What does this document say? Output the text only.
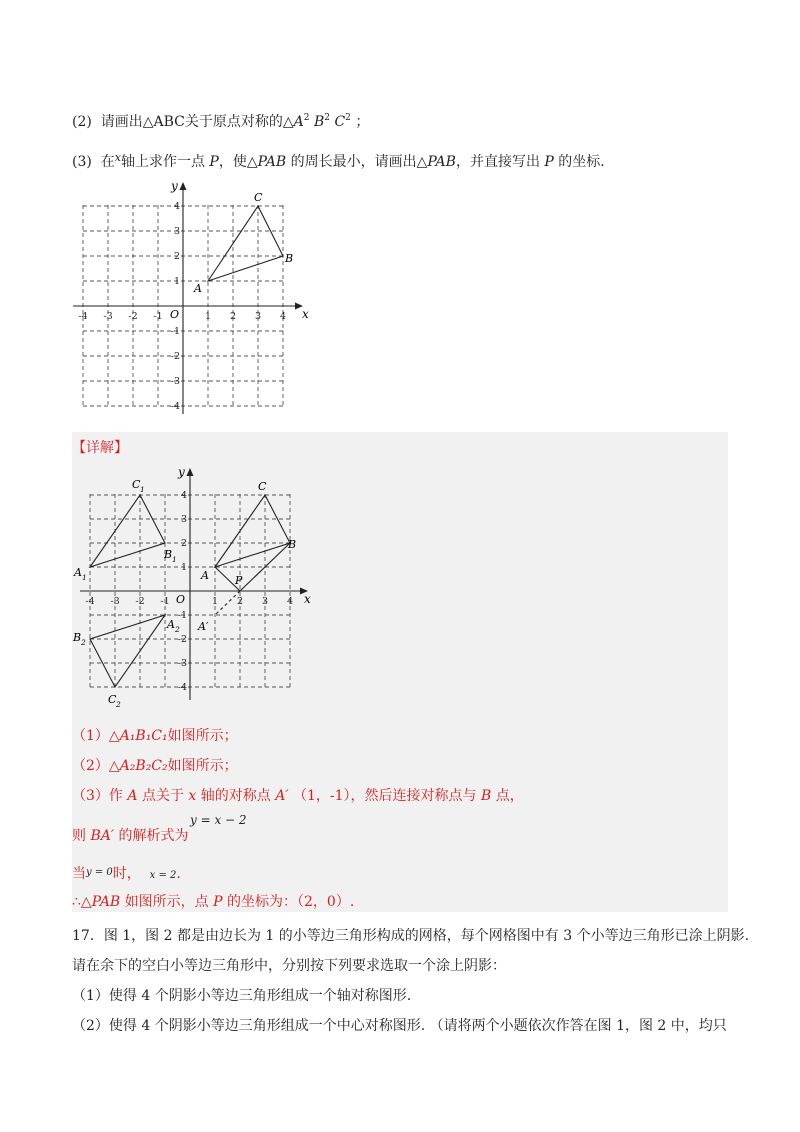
(2) 请画出△ABC关于原点对称的$\triangle A^2$ $B^2$ $C^2$ ；
(3) 在$^x$轴上求作一点 P，使△PAB 的周长最小，请画出△PAB，并直接写出 P 的坐标.
x
y
O
-4 -3 -2 -1	1 2 3 4
4
3
2
1
-1
-2
-3
-4
A
B
C
【详解】
x
y
O
-4 -3 -2 -1	1 2 3 4
4
3
2
1
-1
-2
-3
-4
C
B
A P
A′
C 1
B 1
A 1
A 2
B 2
C 2
（1）△A₁B₁C₁如图所示；
（2）△A₂B₂C₂如图所示；
（3）作 A 点关于 x 轴的对称点 A′ （1，-1），然后连接对称点与 B 点，
则 BA′ 的解析式为
y = x − 2
当$^{y = 0}$时， x = 2.
∴△PAB 如图所示，点 P 的坐标为：（2，0）.
17．图 1，图 2 都是由边长为 1 的小等边三角形构成的网格，每个网格图中有 3 个小等边三角形已涂上阴影.
请在余下的空白小等边三角形中，分别按下列要求选取一个涂上阴影：
（1）使得 4 个阴影小等边三角形组成一个轴对称图形.
（2）使得 4 个阴影小等边三角形组成一个中心对称图形. （请将两个小题依次作答在图 1，图 2 中，均只
